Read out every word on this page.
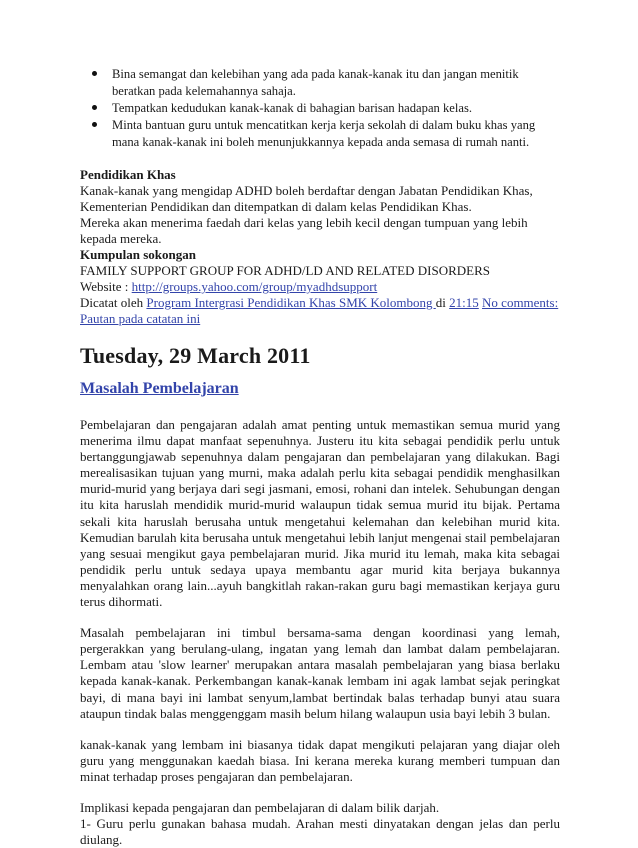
Bina semangat dan kelebihan yang ada pada kanak-kanak itu dan jangan menitik beratkan pada kelemahannya sahaja.
Tempatkan kedudukan kanak-kanak di bahagian barisan hadapan kelas.
Minta bantuan guru untuk mencatitkan kerja kerja sekolah di dalam buku khas yang mana kanak-kanak ini boleh menunjukkannya kepada anda semasa di rumah nanti.
Pendidikan Khas
Kanak-kanak yang mengidap ADHD boleh berdaftar dengan Jabatan Pendidikan Khas, Kementerian Pendidikan dan ditempatkan di dalam kelas Pendidikan Khas.
Mereka akan menerima faedah dari kelas yang lebih kecil dengan tumpuan yang lebih kepada mereka.
Kumpulan sokongan
FAMILY SUPPORT GROUP FOR ADHD/LD AND RELATED DISORDERS
Website : http://groups.yahoo.com/group/myadhdsupport
Dicatat oleh Program Intergrasi Pendidikan Khas SMK Kolombong di 21:15 No comments: Pautan pada catatan ini
Tuesday, 29 March 2011
Masalah Pembelajaran
Pembelajaran dan pengajaran adalah amat penting untuk memastikan semua murid yang menerima ilmu dapat manfaat sepenuhnya. Justeru itu kita sebagai pendidik perlu untuk bertanggungjawab sepenuhnya dalam pengajaran dan pembelajaran yang dilakukan. Bagi merealisasikan tujuan yang murni, maka adalah perlu kita sebagai pendidik menghasilkan murid-murid yang berjaya dari segi jasmani, emosi, rohani dan intelek. Sehubungan dengan itu kita haruslah mendidik murid-murid walaupun tidak semua murid itu bijak. Pertama sekali kita haruslah berusaha untuk mengetahui kelemahan dan kelebihan murid kita. Kemudian barulah kita berusaha untuk mengetahui lebih lanjut mengenai stail pembelajaran yang sesuai mengikut gaya pembelajaran murid. Jika murid itu lemah, maka kita sebagai pendidik perlu untuk sedaya upaya membantu agar murid kita berjaya bukannya menyalahkan orang lain...ayuh bangkitlah rakan-rakan guru bagi memastikan kerjaya guru terus dihormati.
Masalah pembelajaran ini timbul bersama-sama dengan koordinasi yang lemah, pergerakkan yang berulang-ulang, ingatan yang lemah dan lambat dalam pembelajaran. Lembam atau 'slow learner' merupakan antara masalah pembelajaran yang biasa berlaku kepada kanak-kanak. Perkembangan kanak-kanak lembam ini agak lambat sejak peringkat bayi, di mana bayi ini lambat senyum,lambat bertindak balas terhadap bunyi atau suara ataupun tindak balas menggenggam masih belum hilang walaupun usia bayi lebih 3 bulan.
kanak-kanak yang lembam ini biasanya tidak dapat mengikuti pelajaran yang diajar oleh guru yang menggunakan kaedah biasa. Ini kerana mereka kurang memberi tumpuan dan minat terhadap proses pengajaran dan pembelajaran.
Implikasi kepada pengajaran dan pembelajaran di dalam bilik darjah.
1- Guru perlu gunakan bahasa mudah. Arahan mesti dinyatakan dengan jelas dan perlu diulang.
